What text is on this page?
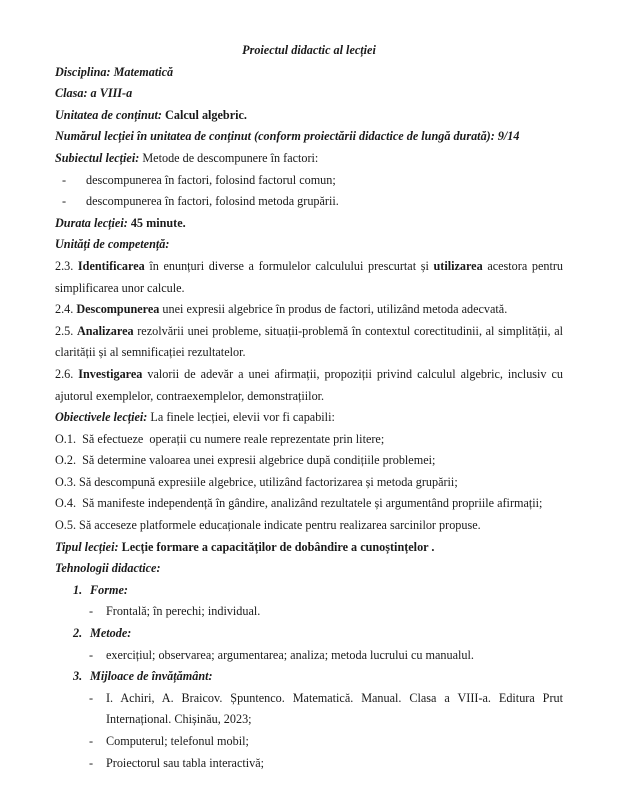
Proiectul didactic al lecției
Disciplina: Matematică
Clasa: a VIII-a
Unitatea de conținut: Calcul algebric.
Numărul lecției în unitatea de conținut (conform proiectării didactice de lungă durată): 9/14
Subiectul lecției: Metode de descompunere în factori:
- descompunerea în factori, folosind factorul comun;
- descompunerea în factori, folosind metoda grupării.
Durata lecției: 45 minute.
Unități de competență:
2.3. Identificarea în enunțuri diverse a formulelor calculului prescurtat și utilizarea acestora pentru simplificarea unor calcule.
2.4. Descompunerea unei expresii algebrice în produs de factori, utilizând metoda adecvată.
2.5. Analizarea rezolvării unei probleme, situații-problemă în contextul corectitudinii, al simplității, al clarității și al semnificației rezultatelor.
2.6. Investigarea valorii de adevăr a unei afirmații, propoziții privind calculul algebric, inclusiv cu ajutorul exemplelor, contraexemplelor, demonstrațiilor.
Obiectivele lecției: La finele lecției, elevii vor fi capabili:
O.1.  Să efectueze  operații cu numere reale reprezentate prin litere;
O.2.  Să determine valoarea unei expresii algebrice după condițiile problemei;
O.3. Să descompună expresiile algebrice, utilizând factorizarea și metoda grupării;
O.4.  Să manifeste independență în gândire, analizând rezultatele și argumentând propriile afirmații;
O.5. Să acceseze platformele educaționale indicate pentru realizarea sarcinilor propuse.
Tipul lecției: Lecție formare a capacităților de dobândire a cunoștințelor .
Tehnologii didactice:
1. Forme:
- Frontală; în perechi; individual.
2. Metode:
- exercițiul; observarea; argumentarea; analiza; metoda lucrului cu manualul.
3. Mijloace de învățământ:
- I. Achiri, A. Braicov. Șpuntenco. Matematică. Manual. Clasa a VIII-a. Editura Prut Internațional. Chișinău, 2023;
- Computerul; telefonul mobil;
- Proiectorul sau tabla interactivă;
